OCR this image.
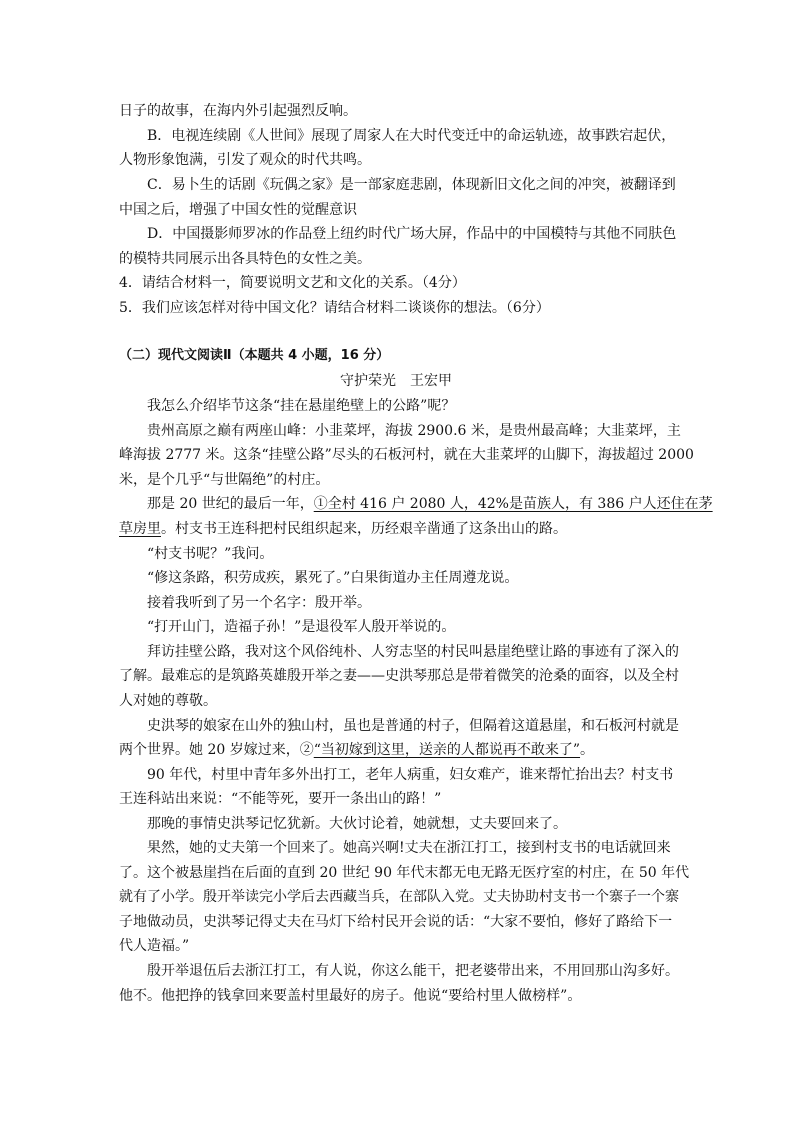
日子的故事，在海内外引起强烈反响。
B．电视连续剧《人世间》展现了周家人在大时代变迁中的命运轨迹，故事跌宕起伏，
人物形象饱满，引发了观众的时代共鸣。
C．易卜生的话剧《玩偶之家》是一部家庭悲剧，体现新旧文化之间的冲突，被翻译到
中国之后，增强了中国女性的觉醒意识
D．中国摄影师罗冰的作品登上纽约时代广场大屏，作品中的中国模特与其他不同肤色
的模特共同展示出各具特色的女性之美。
4．请结合材料一，简要说明文艺和文化的关系。（4分）
5．我们应该怎样对待中国文化？请结合材料二谈谈你的想法。（6分）
（二）现代文阅读Ⅱ（本题共 4 小题，16 分）
守护荣光　王宏甲
我怎么介绍毕节这条“挂在悬崖绝壁上的公路”呢？
贵州高原之巅有两座山峰：小韭菜坪，海拔 2900.6 米，是贵州最高峰；大韭菜坪，主
峰海拔 2777 米。这条“挂壁公路”尽头的石板河村，就在大韭菜坪的山脚下，海拔超过 2000
米，是个几乎“与世隔绝”的村庄。
那是 20 世纪的最后一年，①全村 416 户 2080 人，42%是苗族人，有 386 户人还住在茅
草房里。村支书王连科把村民组织起来，历经艰辛凿通了这条出山的路。
“村支书呢？”我问。
“修这条路，积劳成疾，累死了。”白果街道办主任周遵龙说。
接着我听到了另一个名字：殷开举。
“打开山门，造福子孙！”是退役军人殷开举说的。
拜访挂壁公路，我对这个风俗纯朴、人穷志坚的村民叫悬崖绝壁让路的事迹有了深入的
了解。最难忘的是筑路英雄殷开举之妻——史洪琴那总是带着微笑的沧桑的面容，以及全村
人对她的尊敬。
史洪琴的娘家在山外的独山村，虽也是普通的村子，但隔着这道悬崖，和石板河村就是
两个世界。她 20 岁嫁过来，②“当初嫁到这里，送亲的人都说再不敢来了”。
90 年代，村里中青年多外出打工，老年人病重，妇女难产，谁来帮忙抬出去？村支书
王连科站出来说：“不能等死，要开一条出山的路！”
那晚的事情史洪琴记忆犹新。大伙讨论着，她就想，丈夫要回来了。
果然，她的丈夫第一个回来了。她高兴啊!丈夫在浙江打工，接到村支书的电话就回来
了。这个被悬崖挡在后面的直到 20 世纪 90 年代末都无电无路无医疗室的村庄，在 50 年代
就有了小学。殷开举读完小学后去西藏当兵，在部队入党。丈夫协助村支书一个寨子一个寨
子地做动员，史洪琴记得丈夫在马灯下给村民开会说的话：“大家不要怕，修好了路给下一
代人造福。”
殷开举退伍后去浙江打工，有人说，你这么能干，把老婆带出来，不用回那山沟多好。
他不。他把挣的钱拿回来要盖村里最好的房子。他说“要给村里人做榜样”。
